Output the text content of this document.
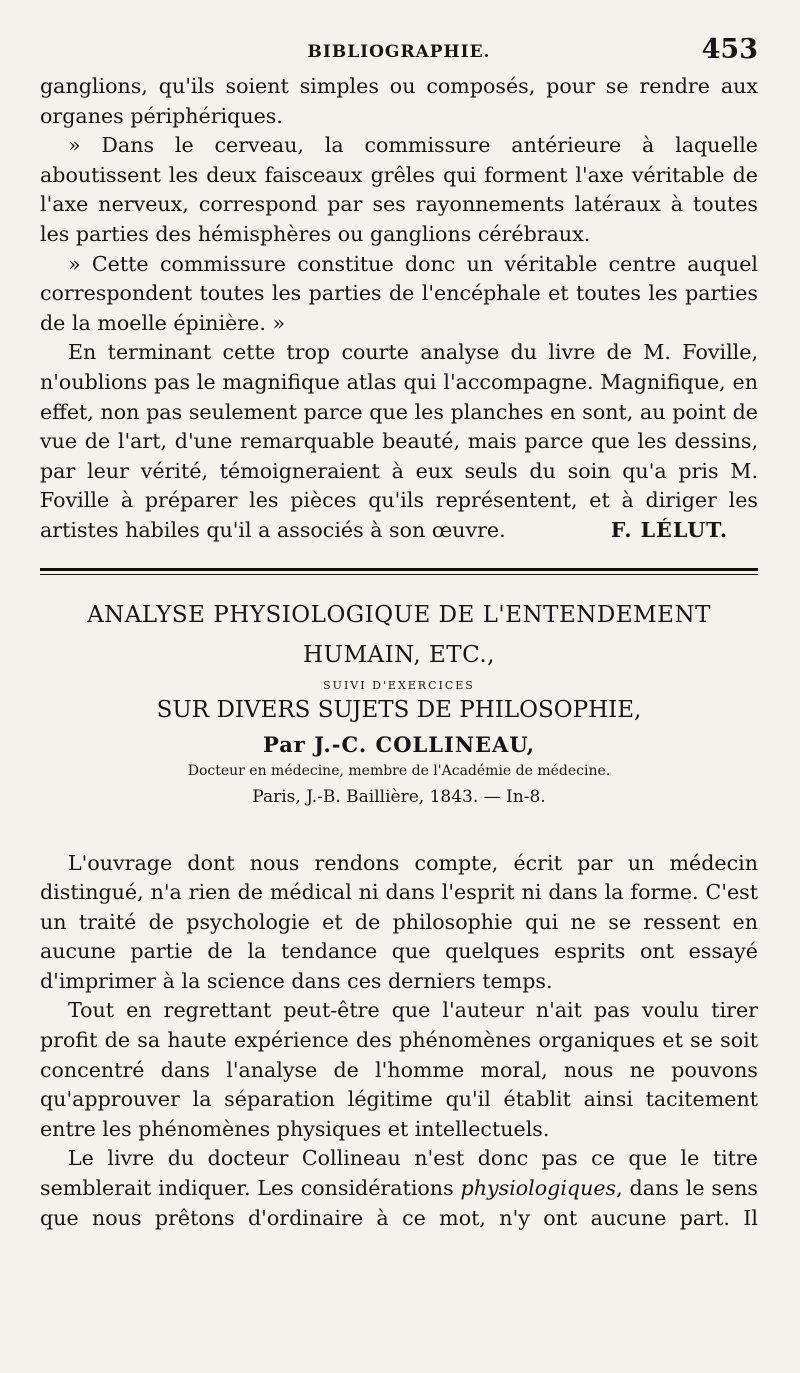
BIBLIOGRAPHIE.	453

ganglions, qu'ils soient simples ou composés, pour se rendre aux organes périphériques.

» Dans le cerveau, la commissure antérieure à laquelle aboutissent les deux faisceaux grêles qui forment l'axe véritable de l'axe nerveux, correspond par ses rayonnements latéraux à toutes les parties des hémisphères ou ganglions cérébraux.

» Cette commissure constitue donc un véritable centre auquel correspondent toutes les parties de l'encéphale et toutes les parties de la moelle épinière. »

En terminant cette trop courte analyse du livre de M. Foville, n'oublions pas le magnifique atlas qui l'accompagne. Magnifique, en effet, non pas seulement parce que les planches en sont, au point de vue de l'art, d'une remarquable beauté, mais parce que les dessins, par leur vérité, témoigneraient à eux seuls du soin qu'a pris M. Foville à préparer les pièces qu'ils représentent, et à diriger les

artistes habiles qu'il a associés à son œuvre.	F. LÉLUT.
ANALYSE PHYSIOLOGIQUE DE L'ENTENDEMENT
HUMAIN, ETC.,
SUIVI D'EXERCICES
SUR DIVERS SUJETS DE PHILOSOPHIE,
Par J.-C. COLLINEAU,
Docteur en médecine, membre de l'Académie de médecine.
Paris, J.-B. Baillière, 1843. — In-8.

L'ouvrage dont nous rendons compte, écrit par un médecin distingué, n'a rien de médical ni dans l'esprit ni dans la forme. C'est un traité de psychologie et de philosophie qui ne se ressent en aucune partie de la tendance que quelques esprits ont essayé d'imprimer à la science dans ces derniers temps.

Tout en regrettant peut-être que l'auteur n'ait pas voulu tirer profit de sa haute expérience des phénomènes organiques et se soit concentré dans l'analyse de l'homme moral, nous ne pouvons qu'approuver la séparation légitime qu'il établit ainsi tacitement entre les phénomènes physiques et intellectuels.

Le livre du docteur Collineau n'est donc pas ce que le titre semblerait indiquer. Les considérations physiologiques, dans le sens que nous prêtons d'ordinaire à ce mot, n'y ont aucune part. Il
